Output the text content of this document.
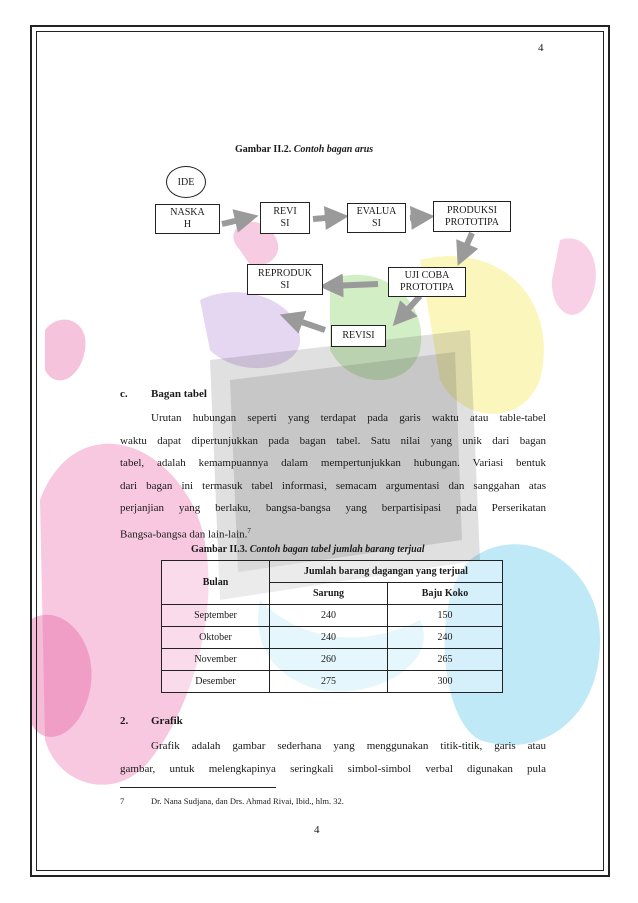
4
Gambar II.2. Contoh bagan arus
IDE
NASKA
H
REVI
SI
EVALUA
SI
PRODUKSI
PROTOTIPA
REPRODUK
SI
UJI COBA
PROTOTIPA
REVISI
c. Bagan tabel
Urutan hubungan seperti yang terdapat pada garis waktu atau table-tabel
waktu dapat dipertunjukkan pada bagan tabel. Satu nilai yang unik dari bagan
tabel, adalah kemampuannya dalam mempertunjukkan hubungan. Variasi bentuk
dari bagan ini termasuk tabel informasi, semacam argumentasi dan sanggahan atas
perjanjian yang berlaku, bangsa-bangsa yang berpartisipasi pada Perserikatan
Bangsa-bangsa dan lain-lain.$^7$
Gambar II.3. Contoh bagan tabel jumlah barang terjual
Bulan	Jumlah barang dagangan yang terjual	
	Sarung	Baju Koko
September	240	150
Oktober	240	240
November	260	265
Desember	275	300
2. Grafik
Grafik adalah gambar sederhana yang menggunakan titik-titik, garis atau
gambar, untuk melengkapinya seringkali simbol-simbol verbal digunakan pula
7	Dr. Nana Sudjana, dan Drs. Ahmad Rivai, Ibid., hlm. 32.
4
